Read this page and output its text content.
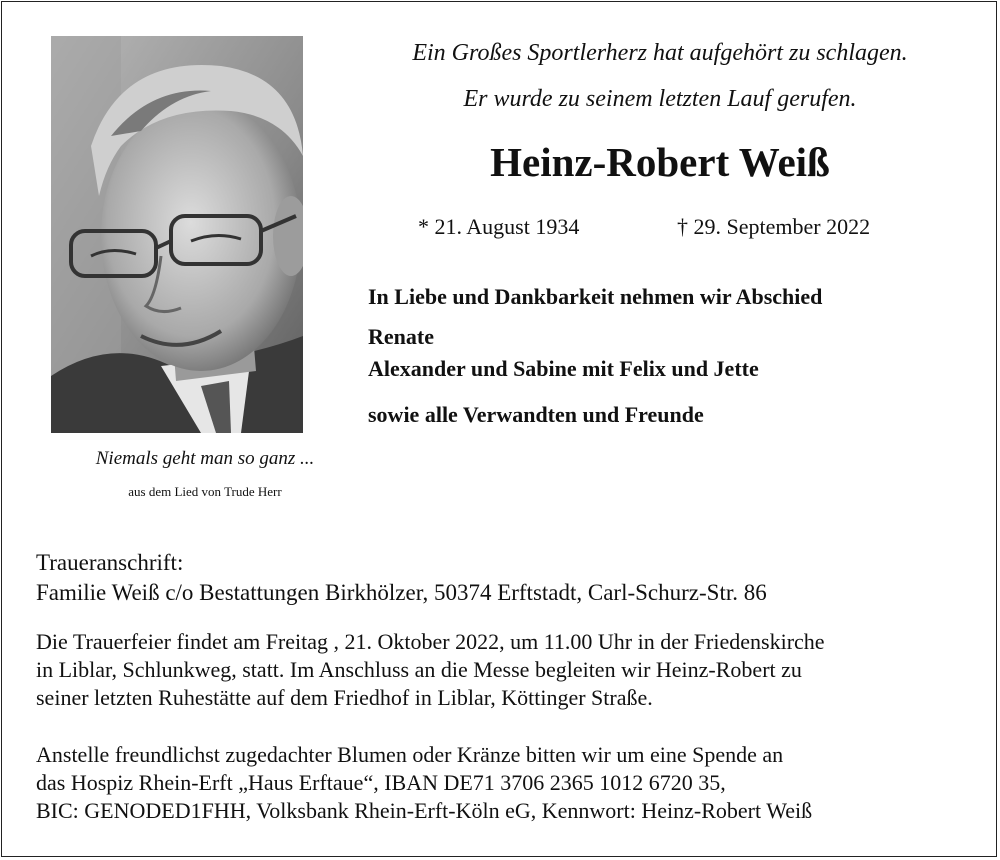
Niemals geht man so ganz ...
aus dem Lied von Trude Herr
Ein Großes Sportlerherz hat aufgehört zu schlagen.
Er wurde zu seinem letzten Lauf gerufen.
Heinz-Robert Weiß
* 21. August 1934	† 29. September 2022
In Liebe und Dankbarkeit nehmen wir Abschied
Renate
Alexander und Sabine mit Felix und Jette
sowie alle Verwandten und Freunde
Traueranschrift:
Familie Weiß c/o Bestattungen Birkhölzer, 50374 Erftstadt, Carl-Schurz-Str. 86
Die Trauerfeier findet am Freitag , 21. Oktober 2022, um 11.00 Uhr in der Friedenskirche
in Liblar, Schlunkweg, statt. Im Anschluss an die Messe begleiten wir Heinz-Robert zu
seiner letzten Ruhestätte auf dem Friedhof in Liblar, Köttinger Straße.
Anstelle freundlichst zugedachter Blumen oder Kränze bitten wir um eine Spende an
das Hospiz Rhein-Erft „Haus Erftaue“, IBAN DE71 3706 2365 1012 6720 35,
BIC: GENODED1FHH, Volksbank Rhein-Erft-Köln eG, Kennwort: Heinz-Robert Weiß
